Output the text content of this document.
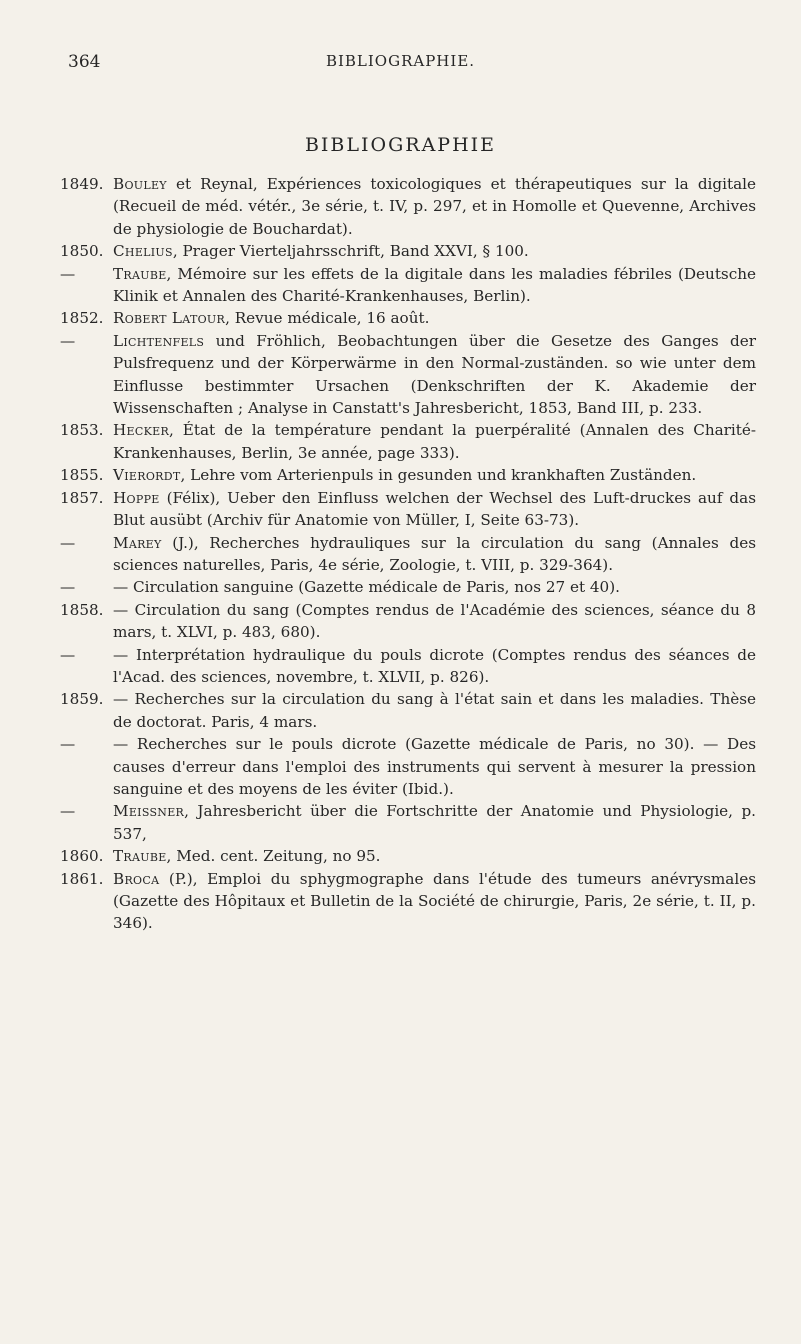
364	BIBLIOGRAPHIE.
BIBLIOGRAPHIE
1849. Bouley et Reynal, Expériences toxicologiques et thérapeutiques sur la digitale (Recueil de méd. vétér., 3e série, t. IV, p. 297, et in Homolle et Quevenne, Archives de physiologie de Bouchardat).
1850. Chelius, Prager Vierteljahrsschrift, Band XXVI, § 100.
—	Traube, Mémoire sur les effets de la digitale dans les maladies fébriles (Deutsche Klinik et Annalen des Charité-Krankenhauses, Berlin).
1852. Robert Latour, Revue médicale, 16 août.
—	Lichtenfels und Fröhlich, Beobachtungen über die Gesetze des Ganges der Pulsfrequenz und der Körperwärme in den Normal-zuständen. so wie unter dem Einflusse bestimmter Ursachen (Denkschriften der K. Akademie der Wissenschaften ; Analyse in Canstatt's Jahresbericht, 1853, Band III, p. 233.
1853. Hecker, État de la température pendant la puerpéralité (Annalen des Charité-Krankenhauses, Berlin, 3e année, page 333).
1855. Vierordt, Lehre vom Arterienpuls in gesunden und krankhaften Zuständen.
1857. Hoppe (Félix), Ueber den Einfluss welchen der Wechsel des Luft-druckes auf das Blut ausübt (Archiv für Anatomie von Müller, I, Seite 63-73).
—	Marey (J.), Recherches hydrauliques sur la circulation du sang (Annales des sciences naturelles, Paris, 4e série, Zoologie, t. VIII, p. 329-364).
—	— Circulation sanguine (Gazette médicale de Paris, nos 27 et 40).
1858. — Circulation du sang (Comptes rendus de l'Académie des sciences, séance du 8 mars, t. XLVI, p. 483, 680).
—	— Interprétation hydraulique du pouls dicrote (Comptes rendus des séances de l'Acad. des sciences, novembre, t. XLVII, p. 826).
1859. — Recherches sur la circulation du sang à l'état sain et dans les maladies. Thèse de doctorat. Paris, 4 mars.
—	— Recherches sur le pouls dicrote (Gazette médicale de Paris, no 30). — Des causes d'erreur dans l'emploi des instruments qui servent à mesurer la pression sanguine et des moyens de les éviter (Ibid.).
—	Meissner, Jahresbericht über die Fortschritte der Anatomie und Physiologie, p. 537,
1860. Traube, Med. cent. Zeitung, no 95.
1861. Broca (P.), Emploi du sphygmographe dans l'étude des tumeurs anévrysmales (Gazette des Hôpitaux et Bulletin de la Société de chirurgie, Paris, 2e série, t. II, p. 346).
